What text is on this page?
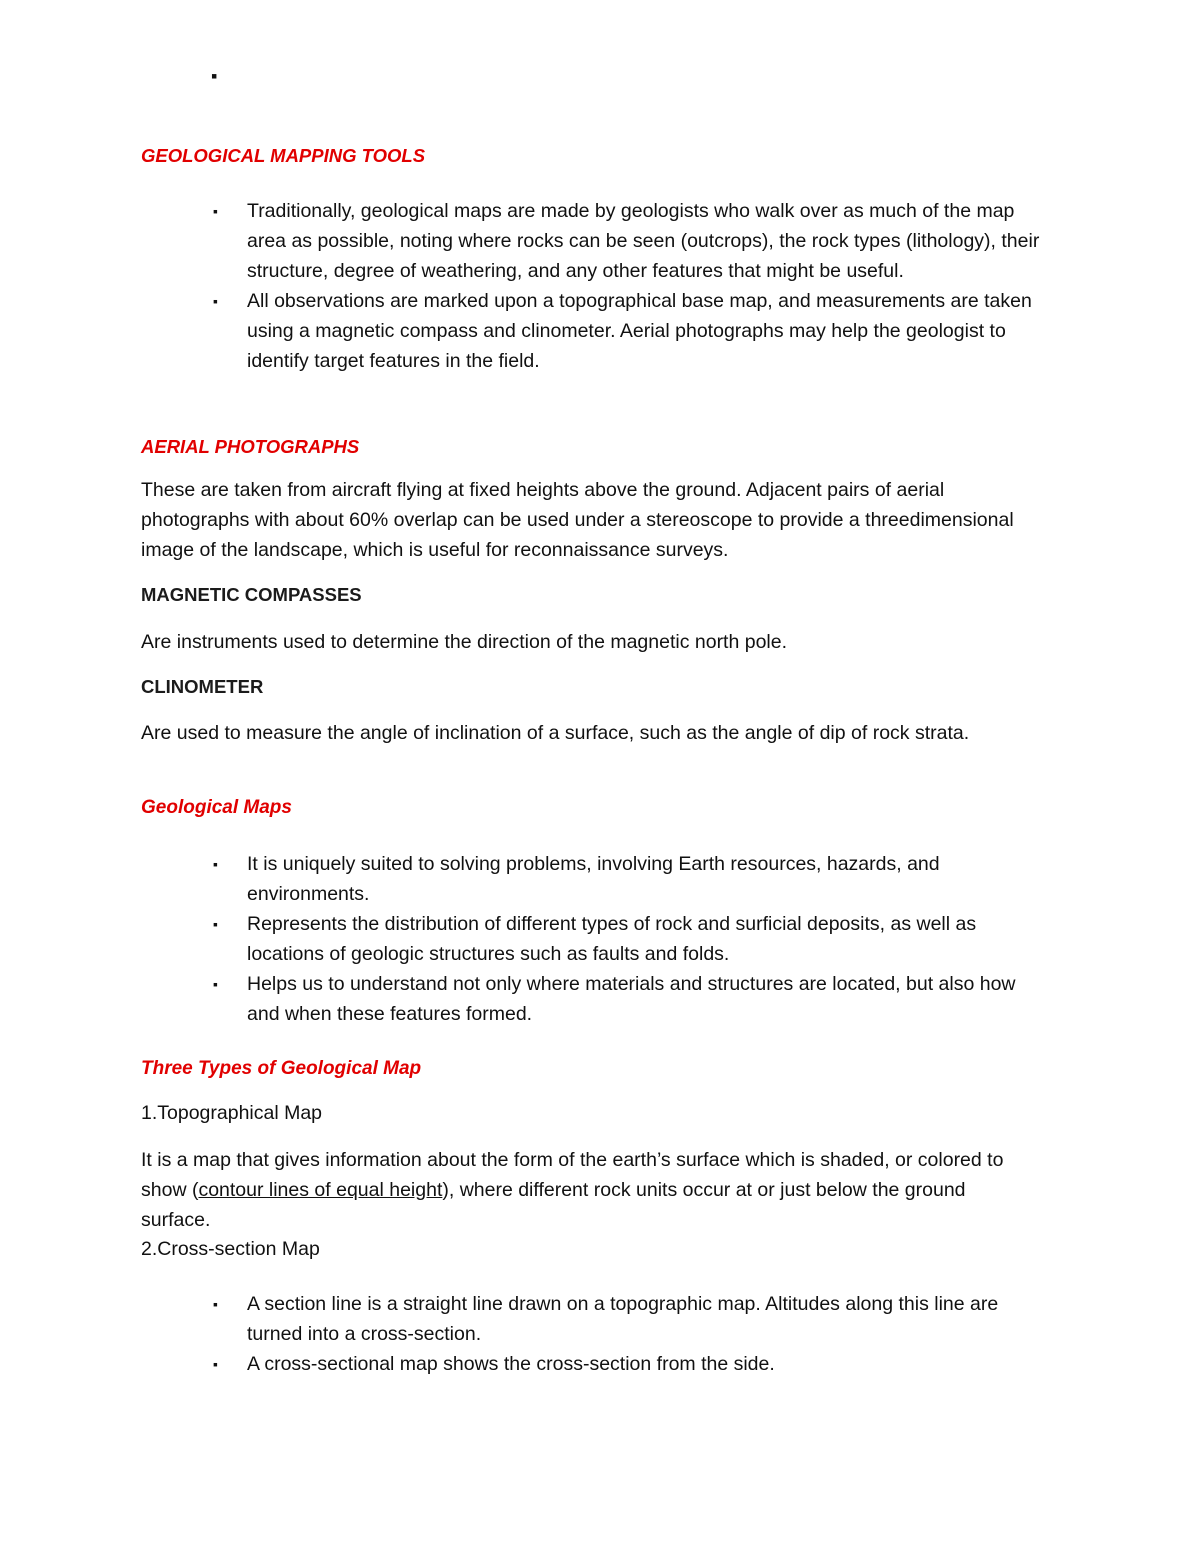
▪

GEOLOGICAL MAPPING TOOLS

▪ Traditionally, geological maps are made by geologists who walk over as much of the map area as possible, noting where rocks can be seen (outcrops), the rock types (lithology), their structure, degree of weathering, and any other features that might be useful.
▪ All observations are marked upon a topographical base map, and measurements are taken using a magnetic compass and clinometer. Aerial photographs may help the geologist to identify target features in the field.

AERIAL PHOTOGRAPHS

These are taken from aircraft flying at fixed heights above the ground. Adjacent pairs of aerial photographs with about 60% overlap can be used under a stereoscope to provide a threedimensional image of the landscape, which is useful for reconnaissance surveys.

MAGNETIC COMPASSES

Are instruments used to determine the direction of the magnetic north pole.

CLINOMETER

Are used to measure the angle of inclination of a surface, such as the angle of dip of rock strata.

Geological Maps

▪ It is uniquely suited to solving problems, involving Earth resources, hazards, and environments.
▪ Represents the distribution of different types of rock and surficial deposits, as well as locations of geologic structures such as faults and folds.
▪ Helps us to understand not only where materials and structures are located, but also how and when these features formed.

Three Types of Geological Map

1.Topographical Map

It is a map that gives information about the form of the earth’s surface which is shaded, or colored to show (contour lines of equal height), where different rock units occur at or just below the ground surface.

2.Cross-section Map

▪ A section line is a straight line drawn on a topographic map. Altitudes along this line are turned into a cross-section.
▪ A cross-sectional map shows the cross-section from the side.
